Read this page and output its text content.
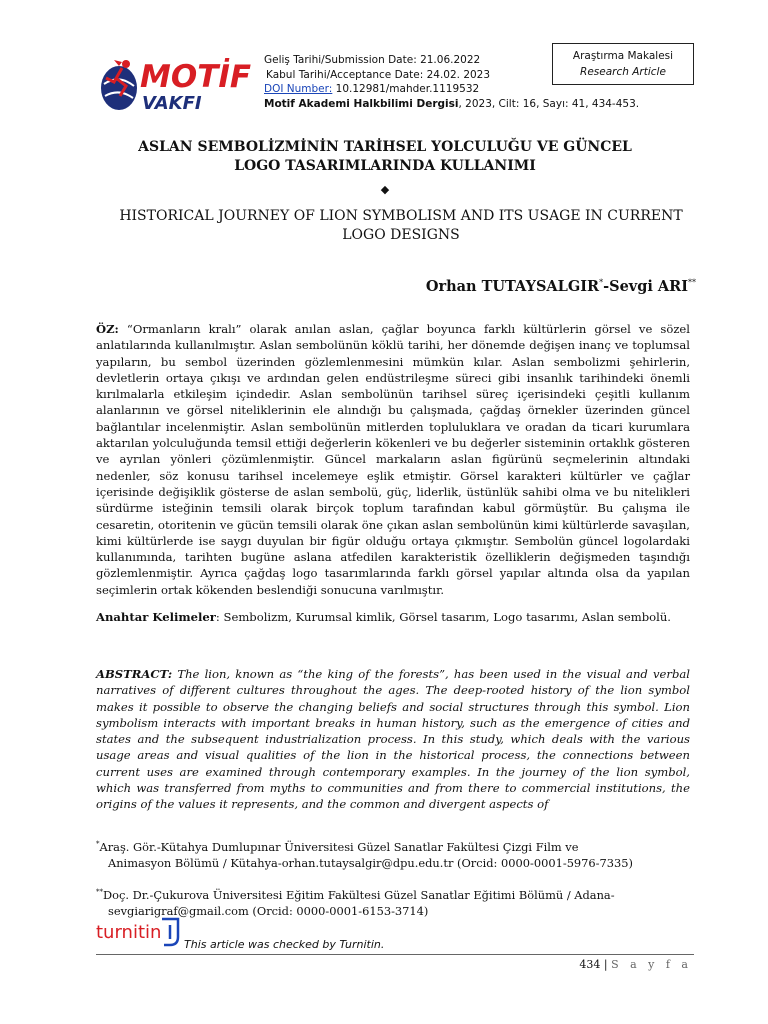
MOTİF
VAKFI
Geliş Tarihi/Submission Date: 21.06.2022
Kabul Tarihi/Acceptance Date: 24.02. 2023
DOI Number: 10.12981/mahder.1119532
Motif Akademi Halkbilimi Dergisi, 2023, Cilt: 16, Sayı: 41, 434-453.
Araştırma Makalesi
Research Article
ASLAN SEMBOLİZMİNİN TARİHSEL YOLCULUĞU VE GÜNCEL LOGO TASARIMLARINDA KULLANIMI
◆
HISTORICAL JOURNEY OF LION SYMBOLISM AND ITS USAGE IN CURRENT LOGO DESIGNS
Orhan TUTAYSALGIR*-Sevgi ARI**
ÖZ: “Ormanların kralı” olarak anılan aslan, çağlar boyunca farklı kültürlerin görsel ve sözel anlatılarında kullanılmıştır. Aslan sembolünün köklü tarihi, her dönemde değişen inanç ve toplumsal yapıların, bu sembol üzerinden gözlemlenmesini mümkün kılar. Aslan sembolizmi şehirlerin, devletlerin ortaya çıkışı ve ardından gelen endüstrileşme süreci gibi insanlık tarihindeki önemli kırılmalarla etkileşim içindedir. Aslan sembolünün tarihsel süreç içerisindeki çeşitli kullanım alanlarının ve görsel niteliklerinin ele alındığı bu çalışmada, çağdaş örnekler üzerinden güncel bağlantılar incelenmiştir. Aslan sembolünün mitlerden topluluklara ve oradan da ticari kurumlara aktarılan yolculuğunda temsil ettiği değerlerin kökenleri ve bu değerler sisteminin ortaklık gösteren ve ayrılan yönleri çözümlenmiştir. Güncel markaların aslan figürünü seçmelerinin altındaki nedenler, söz konusu tarihsel incelemeye eşlik etmiştir. Görsel karakteri kültürler ve çağlar içerisinde değişiklik gösterse de aslan sembolü, güç, liderlik, üstünlük sahibi olma ve bu nitelikleri sürdürme isteğinin temsili olarak birçok toplum tarafından kabul görmüştür. Bu çalışma ile cesaretin, otoritenin ve gücün temsili olarak öne çıkan aslan sembolünün kimi kültürlerde savaşılan, kimi kültürlerde ise saygı duyulan bir figür olduğu ortaya çıkmıştır. Sembolün güncel logolardaki kullanımında, tarihten bugüne aslana atfedilen karakteristik özelliklerin değişmeden taşındığı gözlemlenmiştir. Ayrıca çağdaş logo tasarımlarında farklı görsel yapılar altında olsa da yapılan seçimlerin ortak kökenden beslendiği sonucuna varılmıştır.
Anahtar Kelimeler: Sembolizm, Kurumsal kimlik, Görsel tasarım, Logo tasarımı, Aslan sembolü.
ABSTRACT: The lion, known as “the king of the forests”, has been used in the visual and verbal narratives of different cultures throughout the ages. The deep-rooted history of the lion symbol makes it possible to observe the changing beliefs and social structures through this symbol. Lion symbolism interacts with important breaks in human history, such as the emergence of cities and states and the subsequent industrialization process. In this study, which deals with the various usage areas and visual qualities of the lion in the historical process, the connections between current uses are examined through contemporary examples. In the journey of the lion symbol, which was transferred from myths to communities and from there to commercial institutions, the origins of the values it represents, and the common and divergent aspects of
*Araş. Gör.-Kütahya Dumlupınar Üniversitesi Güzel Sanatlar Fakültesi Çizgi Film ve
Animasyon Bölümü / Kütahya-orhan.tutaysalgir@dpu.edu.tr (Orcid: 0000-0001-5976-7335)
**Doç. Dr.-Çukurova Üniversitesi Eğitim Fakültesi Güzel Sanatlar Eğitimi Bölümü / Adana-
sevgiarigraf@gmail.com (Orcid: 0000-0001-6153-3714)
turnitin
This article was checked by Turnitin.
434 | S a y f a
